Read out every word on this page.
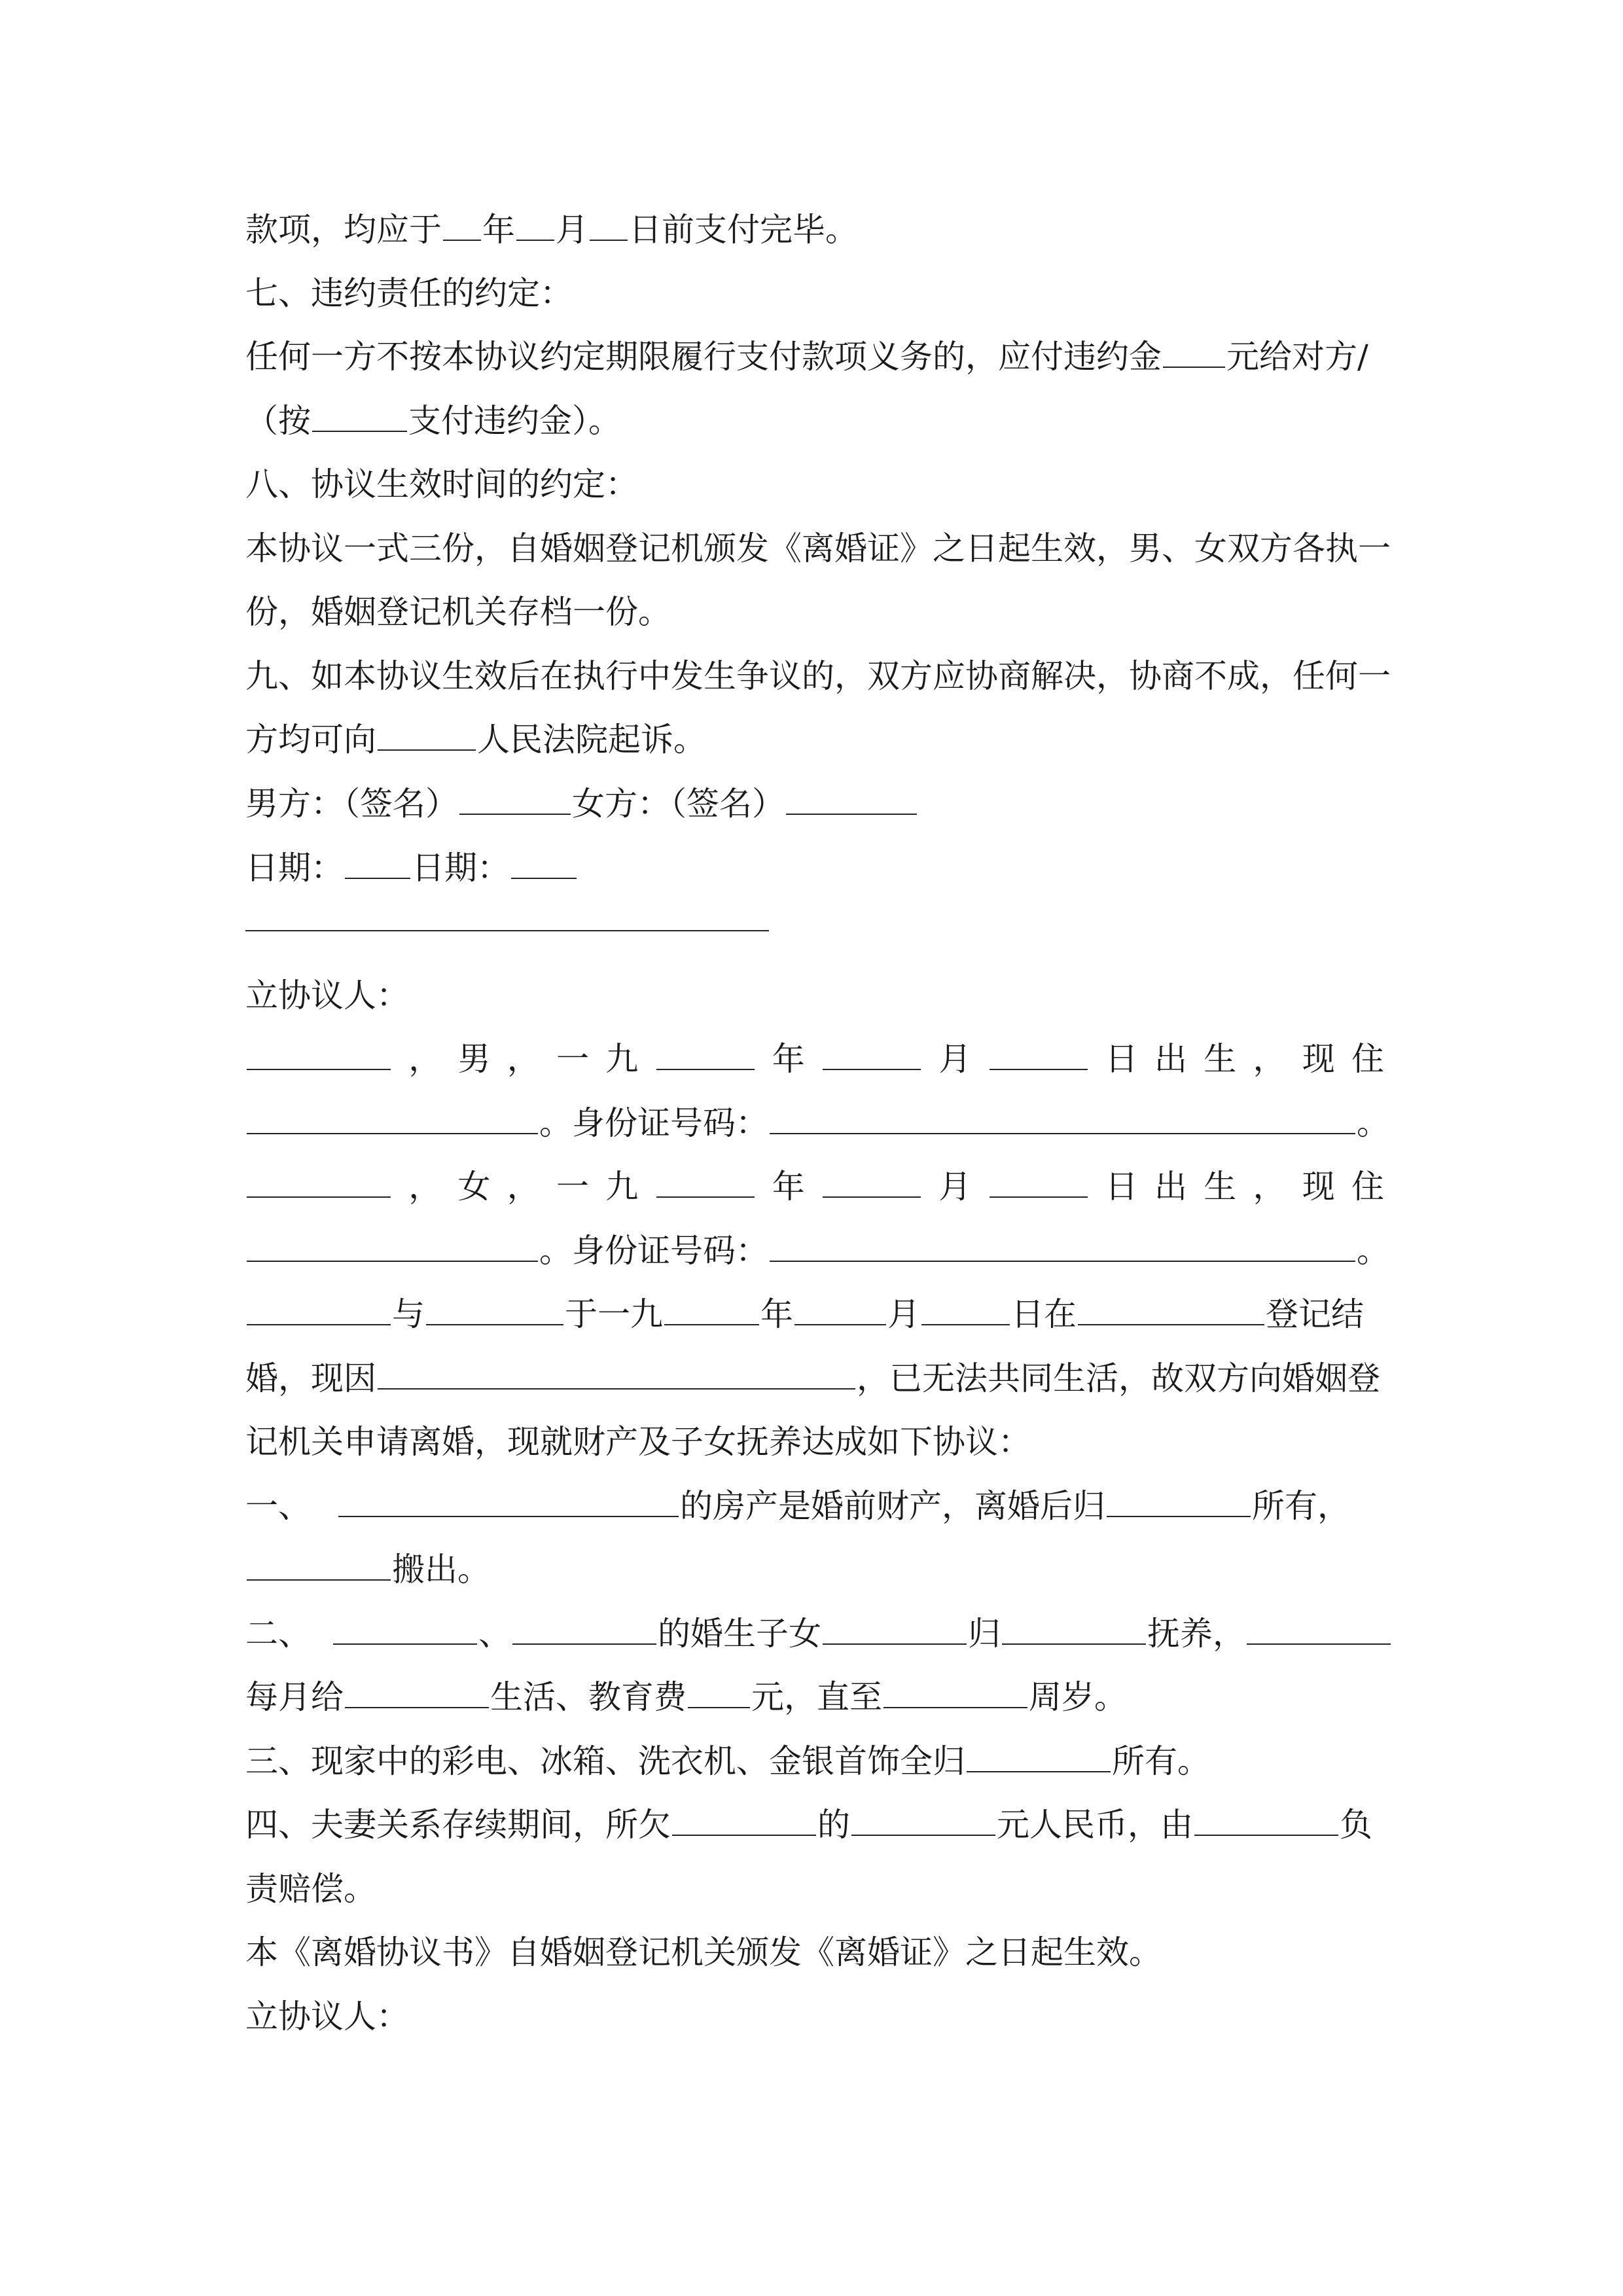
款项，均应于 年 月 日前支付完毕。
七、违约责任的约定：
任何一方不按本协议约定期限履行支付款项义务的，应付违约金 元给对方/
（按	支付违约金）。
八、协议生效时间的约定：
本协议一式三份，自婚姻登记机颁发《离婚证》之日起生效，男、女双方各执一
份，婚姻登记机关存档一份。
九、如本协议生效后在执行中发生争议的，双方应协商解决，协商不成，任何一
方均可向	人民法院起诉。
男方：（签名）	女方：（签名）
日期： 日期：
立协议人：
， 男 ， 一 九	年	月	日 出 生 ， 现 住
。身份证号码：	。
， 女 ， 一 九	年	月	日 出 生 ， 现 住
。身份证号码：	。
与	于一九	年	月	日在	登记结
婚，现因	，已无法共同生活，故双方向婚姻登
记机关申请离婚，现就财产及子女抚养达成如下协议：
一、	的房产是婚前财产，离婚后归	所有，
搬出。
二、	、	的婚生子女	归	抚养，
每月给	生活、教育费 元，直至	周岁。
三、现家中的彩电、冰箱、洗衣机、金银首饰全归	所有。
四、夫妻关系存续期间，所欠	的	元人民币，由	负
责赔偿。
本《离婚协议书》自婚姻登记机关颁发《离婚证》之日起生效。
立协议人：
